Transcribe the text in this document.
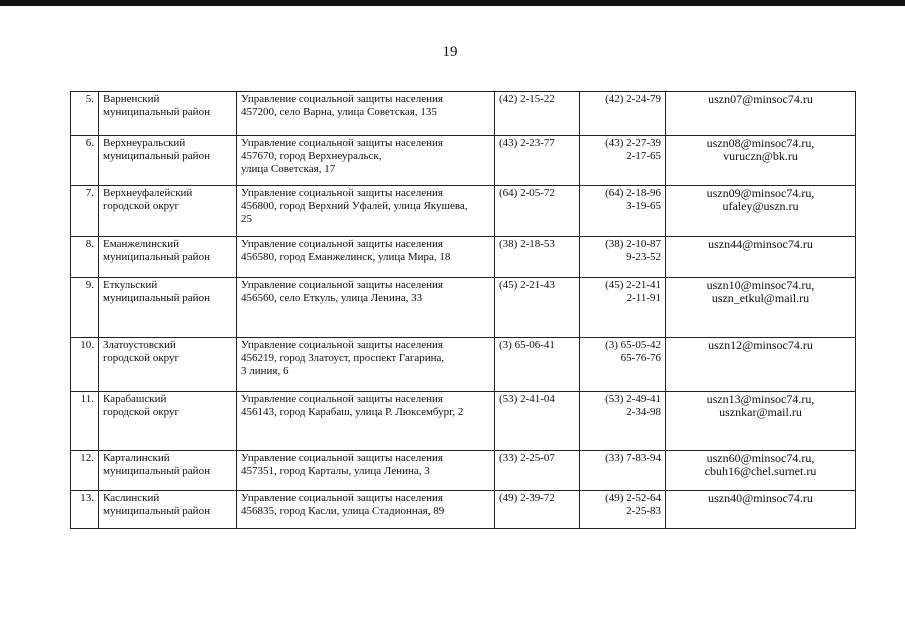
19
5.	Варненский
муниципальный район	Управление социальной защиты населения
457200, село Варна, улица Советская, 135	(42) 2-15-22	(42) 2-24-79	uszn07@minsoc74.ru

6.	Верхнеуральский
муниципальный район	Управление социальной защиты населения
457670, город Верхнеуральск,
улица Советская, 17	(43) 2-23-77	(43) 2-27-39
2-17-65	uszn08@minsoc74.ru,
vuruczn@bk.ru

7.	Верхнеуфалейский
городской округ	Управление социальной защиты населения
456800, город Верхний Уфалей, улица Якушева,
25	(64) 2-05-72	(64) 2-18-96
3-19-65	uszn09@minsoc74.ru,
ufaley@uszn.ru

8.	Еманжелинский
муниципальный район	Управление социальной защиты населения
456580, город Еманжелинск, улица Мира, 18	(38) 2-18-53	(38) 2-10-87
9-23-52	uszn44@minsoc74.ru

9.	Еткульский
муниципальный район	Управление социальной защиты населения
456560, село Еткуль, улица Ленина, 33	(45) 2-21-43	(45) 2-21-41
2-11-91	uszn10@minsoc74.ru,
uszn_etkul@mail.ru

10.	Златоустовский
городской округ	Управление социальной защиты населения
456219, город Златоуст, проспект Гагарина,
3 линия, 6	(3) 65-06-41	(3) 65-05-42
65-76-76	uszn12@minsoc74.ru

11.	Карабашский
городской округ	Управление социальной защиты населения
456143, город Карабаш, улица Р. Люксембург, 2	(53) 2-41-04	(53) 2-49-41
2-34-98	uszn13@minsoc74.ru,
usznkar@mail.ru

12.	Карталинский
муниципальный район	Управление социальной защиты населения
457351, город Карталы, улица Ленина, 3	(33) 2-25-07	(33) 7-83-94	uszn60@minsoc74.ru,
cbuh16@chel.surnet.ru

13.	Каслинский
муниципальный район	Управление социальной защиты населения
456835, город Касли, улица Стадионная, 89	(49) 2-39-72	(49) 2-52-64
2-25-83	uszn40@minsoc74.ru
